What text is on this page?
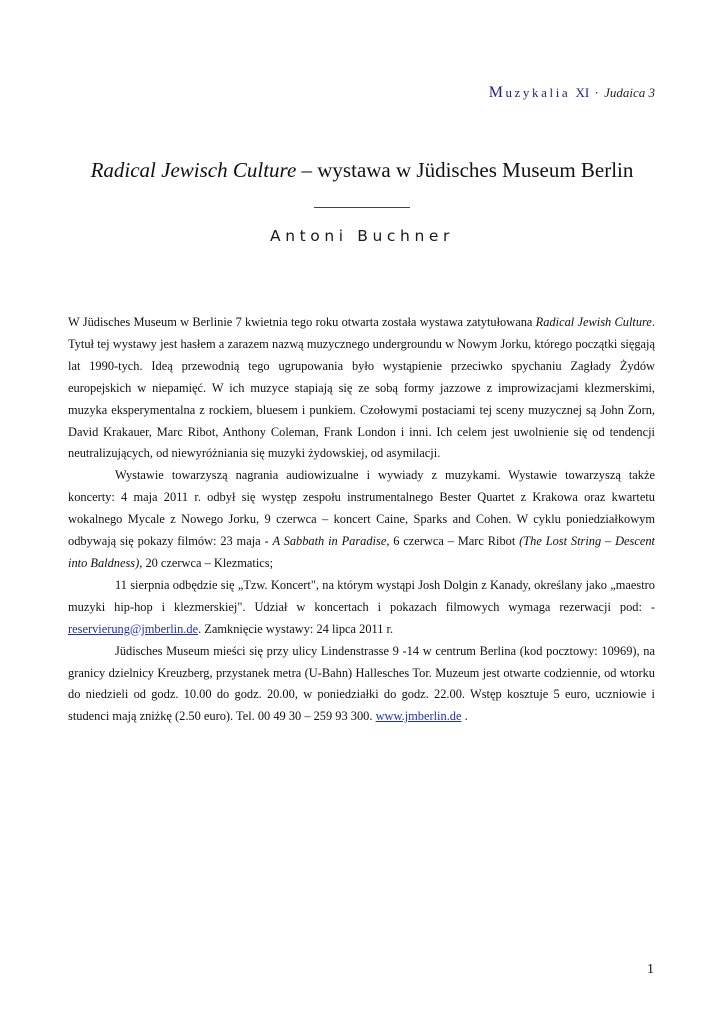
Muzykalia XI · Judaica 3
Radical Jewisch Culture – wystawa w Jüdisches Museum Berlin
Antoni Buchner

W Jüdisches Museum w Berlinie 7 kwietnia tego roku otwarta została wystawa zatytułowana Radical Jewish Culture. Tytuł tej wystawy jest hasłem a zarazem nazwą muzycznego undergroundu w Nowym Jorku, którego początki sięgają lat 1990-tych. Ideą przewodnią tego ugrupowania było wystąpienie przeciwko spychaniu Zagłady Żydów europejskich w niepamięć. W ich muzyce stapiają się ze sobą formy jazzowe z improwizacjami klezmerskimi, muzyka eksperymentalna z rockiem, bluesem i punkiem. Czołowymi postaciami tej sceny muzycznej są John Zorn, David Krakauer, Marc Ribot, Anthony Coleman, Frank London i inni. Ich celem jest uwolnienie się od tendencji neutralizujących, od niewyróżniania się muzyki żydowskiej, od asymilacji.

Wystawie towarzyszą nagrania audiowizualne i wywiady z muzykami. Wystawie towarzyszą także koncerty: 4 maja 2011 r. odbył się występ zespołu instrumentalnego Bester Quartet z Krakowa oraz kwartetu wokalnego Mycale z Nowego Jorku, 9 czerwca – koncert Caine, Sparks and Cohen. W cyklu poniedziałkowym odbywają się pokazy filmów: 23 maja - A Sabbath in Paradise, 6 czerwca – Marc Ribot (The Lost String – Descent into Baldness), 20 czerwca – Klezmatics;

11 sierpnia odbędzie się „Tzw. Koncert", na którym wystąpi Josh Dolgin z Kanady, określany jako „maestro muzyki hip-hop i klezmerskiej". Udział w koncertach i pokazach filmowych wymaga rezerwacji pod: - reservierung@jmberlin.de. Zamknięcie wystawy: 24 lipca 2011 r.

Jüdisches Museum mieści się przy ulicy Lindenstrasse 9 -14 w centrum Berlina (kod pocztowy: 10969), na granicy dzielnicy Kreuzberg, przystanek metra (U-Bahn) Hallesches Tor. Muzeum jest otwarte codziennie, od wtorku do niedzieli od godz. 10.00 do godz. 20.00, w poniedziałki do godz. 22.00. Wstęp kosztuje 5 euro, uczniowie i studenci mają zniżkę (2.50 euro). Tel. 00 49 30 – 259 93 300. www.jmberlin.de .

1
